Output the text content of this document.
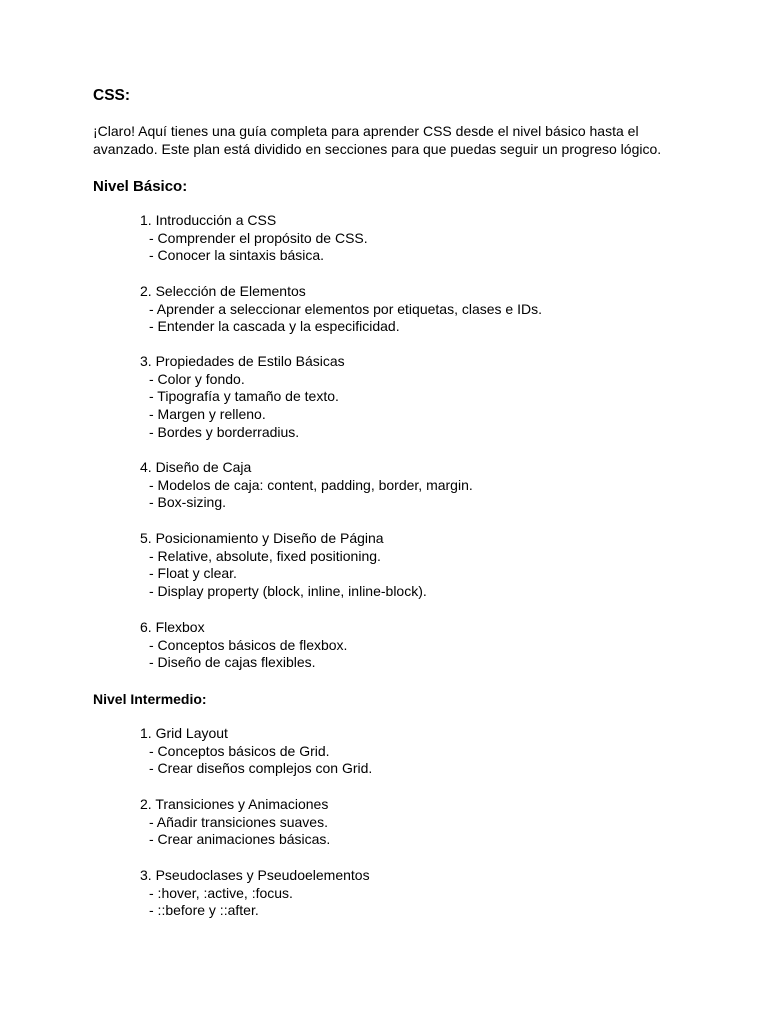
CSS:
¡Claro! Aquí tienes una guía completa para aprender CSS desde el nivel básico hasta el
avanzado. Este plan está dividido en secciones para que puedas seguir un progreso lógico.
Nivel Básico:
1. Introducción a CSS
- Comprender el propósito de CSS.
- Conocer la sintaxis básica.
2. Selección de Elementos
- Aprender a seleccionar elementos por etiquetas, clases e IDs.
- Entender la cascada y la especificidad.
3. Propiedades de Estilo Básicas
- Color y fondo.
- Tipografía y tamaño de texto.
- Margen y relleno.
- Bordes y borderradius.
4. Diseño de Caja
- Modelos de caja: content, padding, border, margin.
- Box-sizing.
5. Posicionamiento y Diseño de Página
- Relative, absolute, fixed positioning.
- Float y clear.
- Display property (block, inline, inline-block).
6. Flexbox
- Conceptos básicos de flexbox.
- Diseño de cajas flexibles.
Nivel Intermedio:
1. Grid Layout
- Conceptos básicos de Grid.
- Crear diseños complejos con Grid.
2. Transiciones y Animaciones
- Añadir transiciones suaves.
- Crear animaciones básicas.
3. Pseudoclases y Pseudoelementos
- :hover, :active, :focus.
- ::before y ::after.
